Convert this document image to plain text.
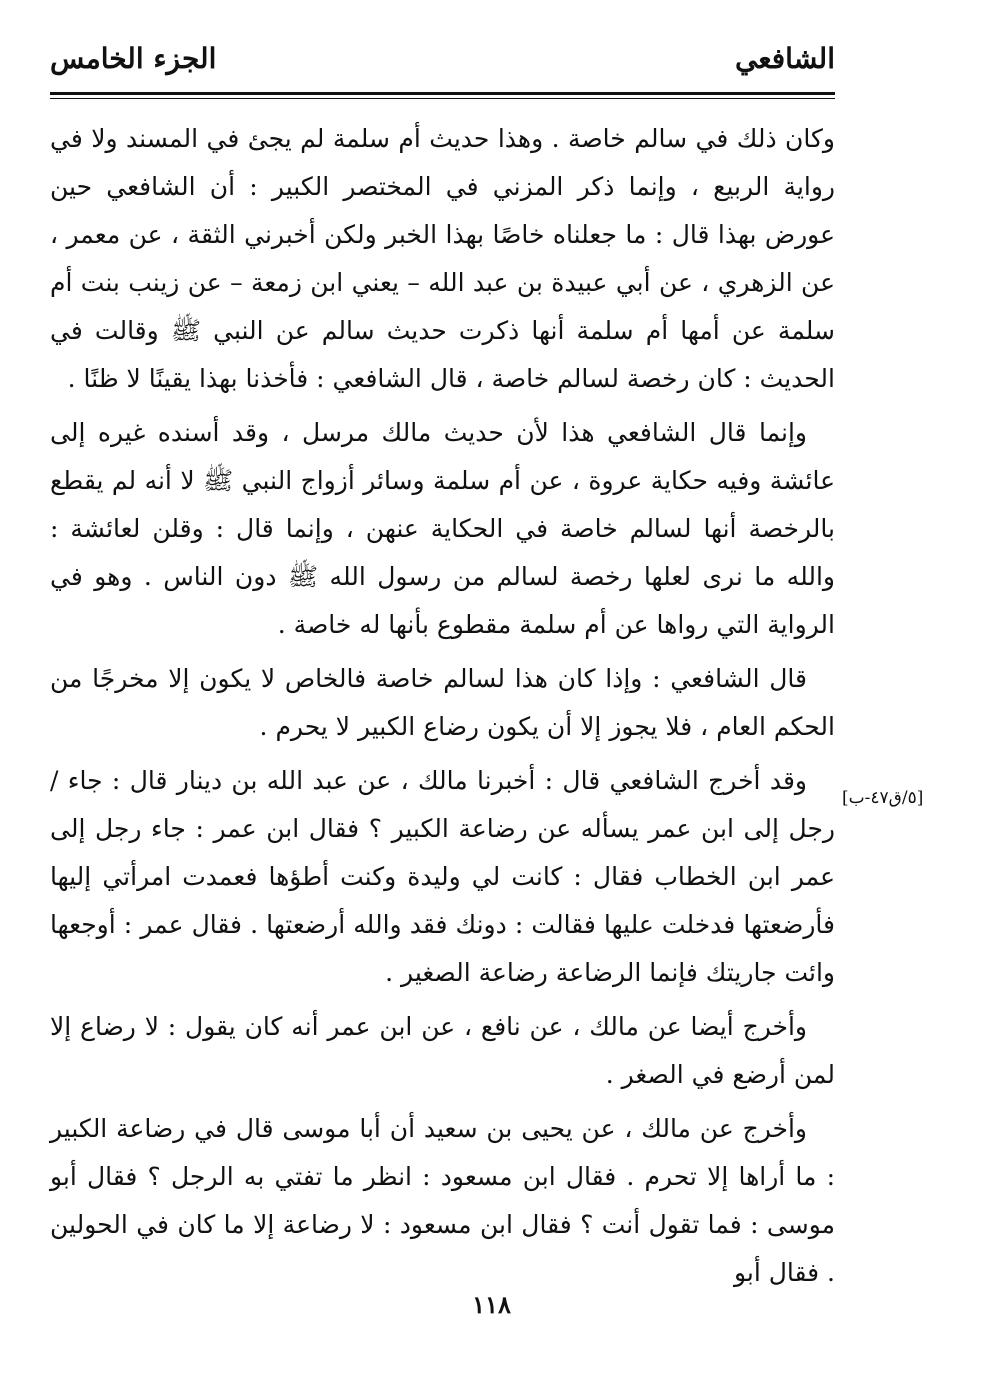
الشافعي
الجزء الخامس

وكان ذلك في سالم خاصة . وهذا حديث أم سلمة لم يجئ في المسند ولا في رواية الربيع ، وإنما ذكر المزني في المختصر الكبير : أن الشافعي حين عورض بهذا قال : ما جعلناه خاصًا بهذا الخبر ولكن أخبرني الثقة ، عن معمر ، عن الزهري ، عن أبي عبيدة بن عبد الله – يعني ابن زمعة – عن زينب بنت أم سلمة عن أمها أم سلمة أنها ذكرت حديث سالم عن النبي ﷺ وقالت في الحديث : كان رخصة لسالم خاصة ، قال الشافعي : فأخذنا بهذا يقينًا لا ظنًا .

وإنما قال الشافعي هذا لأن حديث مالك مرسل ، وقد أسنده غيره إلى عائشة وفيه حكاية عروة ، عن أم سلمة وسائر أزواج النبي ﷺ لا أنه لم يقطع بالرخصة أنها لسالم خاصة في الحكاية عنهن ، وإنما قال : وقلن لعائشة : والله ما نرى لعلها رخصة لسالم من رسول الله ﷺ دون الناس . وهو في الرواية التي رواها عن أم سلمة مقطوع بأنها له خاصة .

قال الشافعي : وإذا كان هذا لسالم خاصة فالخاص لا يكون إلا مخرجًا من الحكم العام ، فلا يجوز إلا أن يكون رضاع الكبير لا يحرم .

وقد أخرج الشافعي قال : أخبرنا مالك ، عن عبد الله بن دينار قال : جاء / رجل إلى ابن عمر يسأله عن رضاعة الكبير ؟ فقال ابن عمر : جاء رجل إلى عمر ابن الخطاب فقال : كانت لي وليدة وكنت أطؤها فعمدت امرأتي إليها فأرضعتها فدخلت عليها فقالت : دونك فقد والله أرضعتها . فقال عمر : أوجعها وائت جاريتك فإنما الرضاعة رضاعة الصغير .

وأخرج أيضا عن مالك ، عن نافع ، عن ابن عمر أنه كان يقول : لا رضاع إلا لمن أرضع في الصغر .

وأخرج عن مالك ، عن يحيى بن سعيد أن أبا موسى قال في رضاعة الكبير : ما أراها إلا تحرم . فقال ابن مسعود : انظر ما تفتي به الرجل ؟ فقال أبو موسى : فما تقول أنت ؟ فقال ابن مسعود : لا رضاعة إلا ما كان في الحولين . فقال أبو

[٥/ق٤٧-ب]
١١٨
